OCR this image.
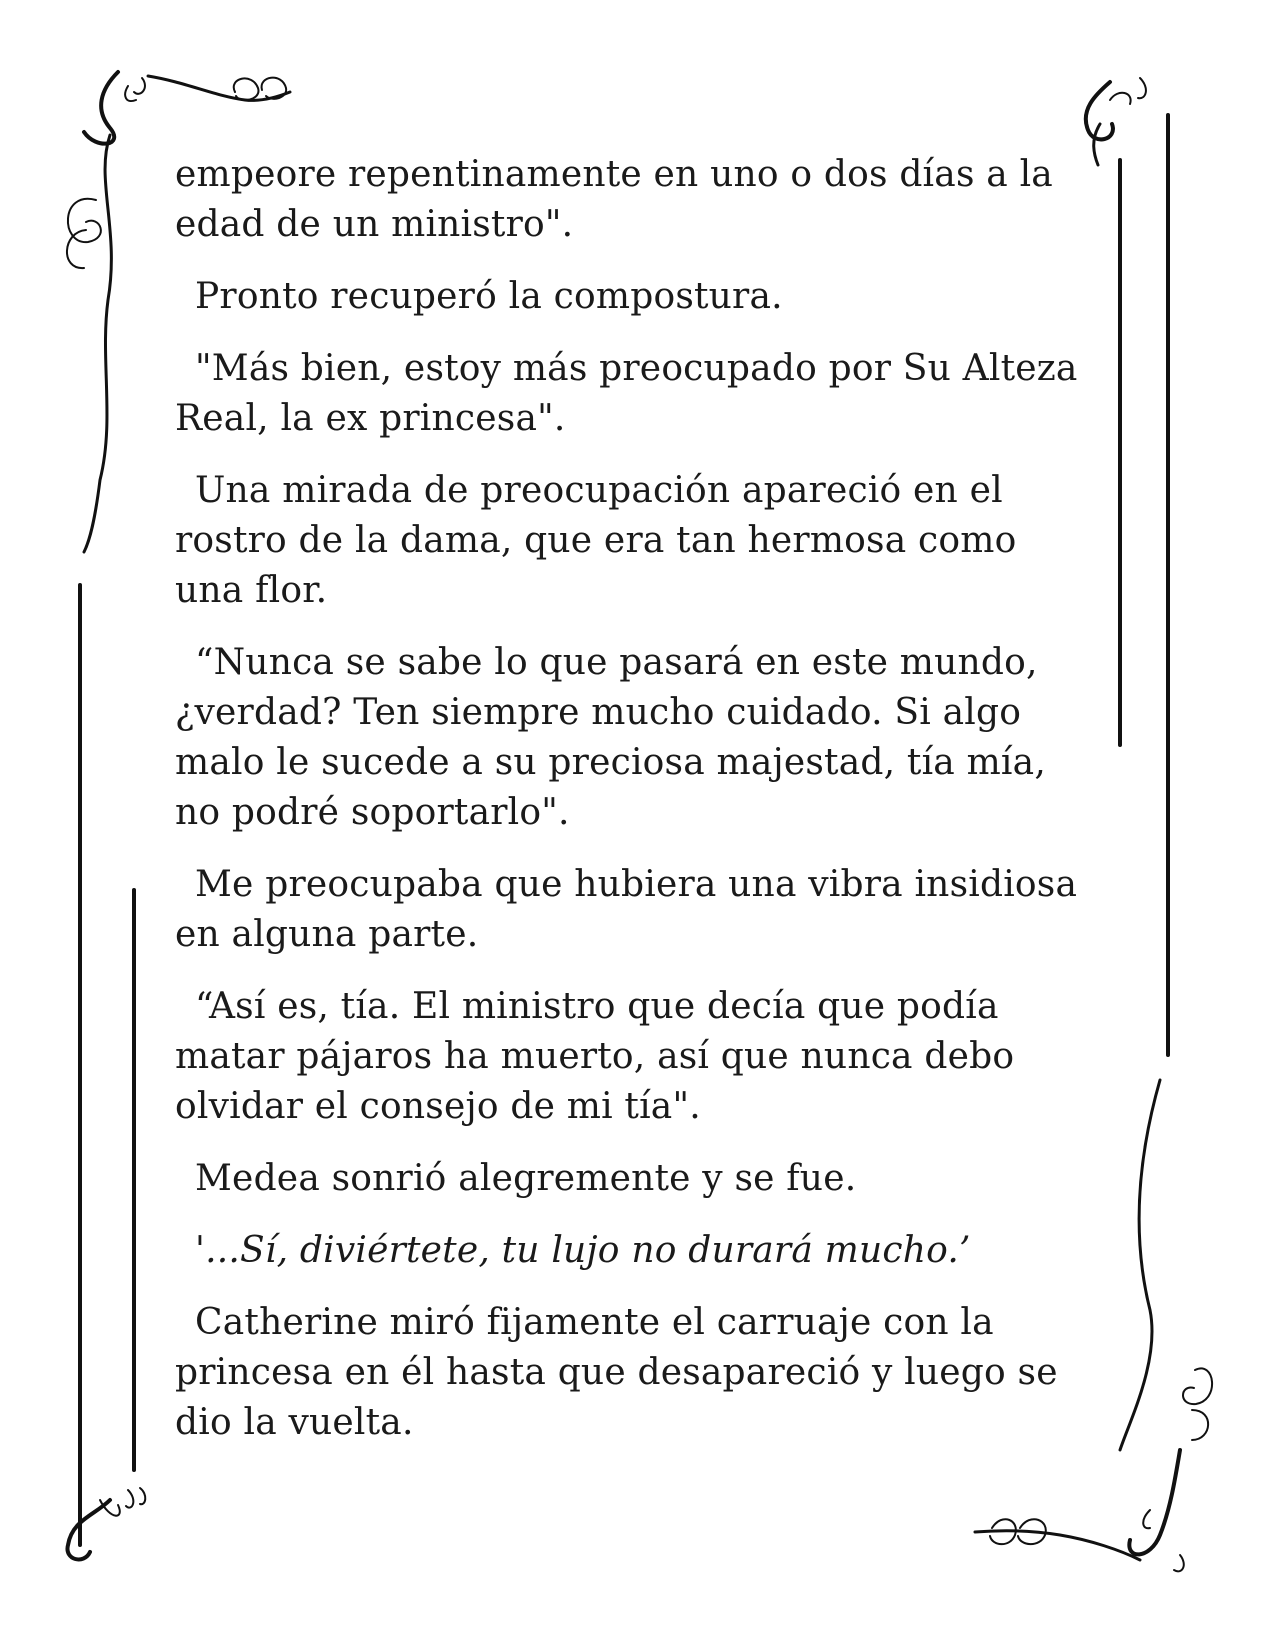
empeore repentinamente en uno o dos días a la edad de un ministro".

Pronto recuperó la compostura.

"Más bien, estoy más preocupado por Su Alteza Real, la ex princesa".

Una mirada de preocupación apareció en el rostro de la dama, que era tan hermosa como una flor.

“Nunca se sabe lo que pasará en este mundo, ¿verdad? Ten siempre mucho cuidado. Si algo malo le sucede a su preciosa majestad, tía mía, no podré soportarlo".

Me preocupaba que hubiera una vibra insidiosa en alguna parte.

“Así es, tía. El ministro que decía que podía matar pájaros ha muerto, así que nunca debo olvidar el consejo de mi tía".

Medea sonrió alegremente y se fue.

'...Sí, diviértete, tu lujo no durará mucho.’

Catherine miró fijamente el carruaje con la princesa en él hasta que desapareció y luego se dio la vuelta.
